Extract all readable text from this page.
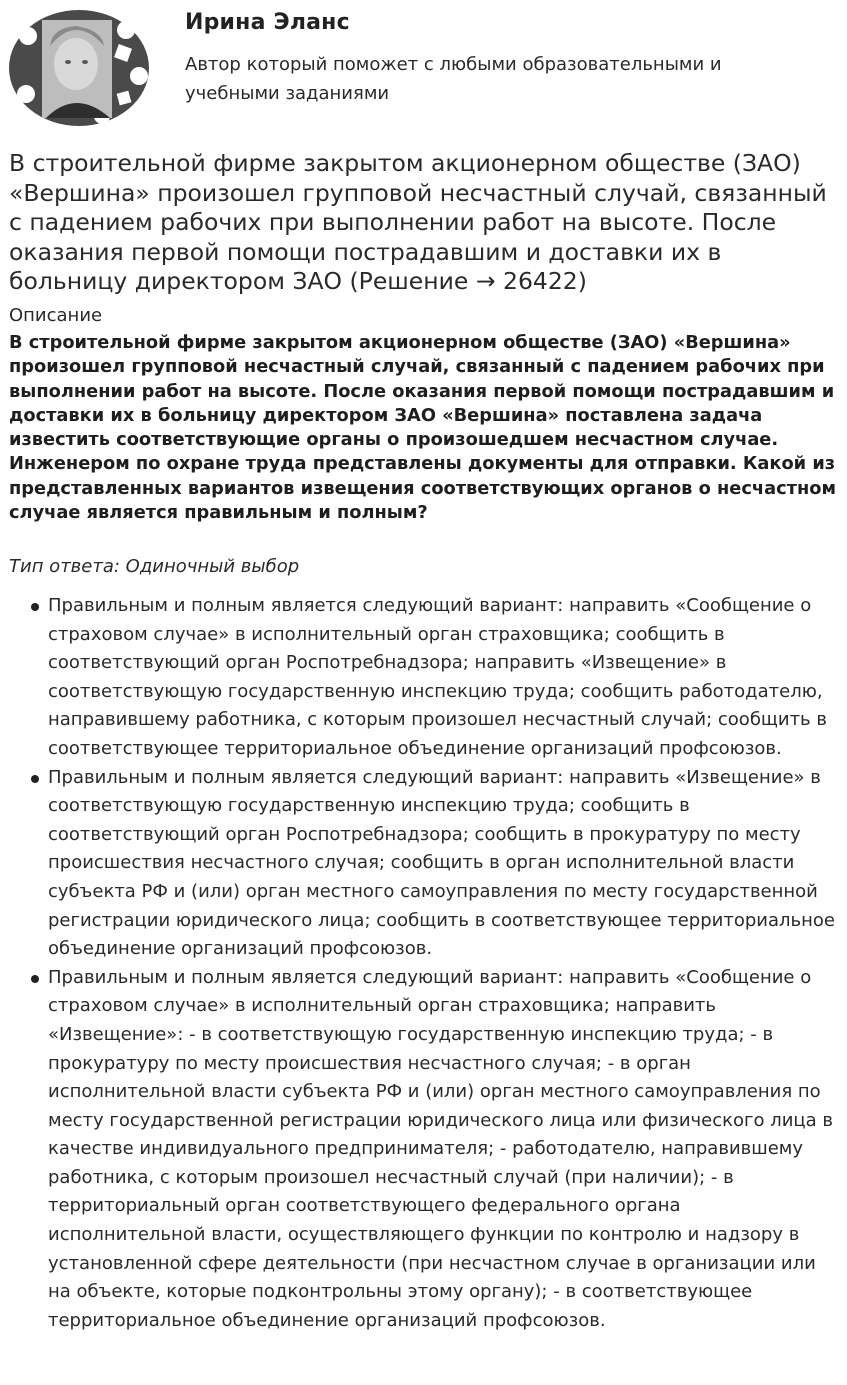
Ирина Эланс
Автор который поможет с любыми образовательными и учебными заданиями
В строительной фирме закрытом акционерном обществе (ЗАО) «Вершина» произошел групповой несчастный случай, связанный с падением рабочих при выполнении работ на высоте. После оказания первой помощи пострадавшим и доставки их в больницу директором ЗАО (Решение → 26422)
Описание
В строительной фирме закрытом акционерном обществе (ЗАО) «Вершина» произошел групповой несчастный случай, связанный с падением рабочих при выполнении работ на высоте. После оказания первой помощи пострадавшим и доставки их в больницу директором ЗАО «Вершина» поставлена задача известить соответствующие органы о произошедшем несчастном случае. Инженером по охране труда представлены документы для отправки. Какой из представленных вариантов извещения соответствующих органов о несчастном случае является правильным и полным?
Тип ответа: Одиночный выбор
Правильным и полным является следующий вариант: направить «Сообщение о страховом случае» в исполнительный орган страховщика; сообщить в соответствующий орган Роспотребнадзора; направить «Извещение» в соответствующую государственную инспекцию труда; сообщить работодателю, направившему работника, с которым произошел несчастный случай; сообщить в соответствующее территориальное объединение организаций профсоюзов.
Правильным и полным является следующий вариант: направить «Извещение» в соответствующую государственную инспекцию труда; сообщить в соответствующий орган Роспотребнадзора; сообщить в прокуратуру по месту происшествия несчастного случая; сообщить в орган исполнительной власти субъекта РФ и (или) орган местного самоуправления по месту государственной регистрации юридического лица; сообщить в соответствующее территориальное объединение организаций профсоюзов.
Правильным и полным является следующий вариант: направить «Сообщение о страховом случае» в исполнительный орган страховщика; направить «Извещение»: - в соответствующую государственную инспекцию труда; - в прокуратуру по месту происшествия несчастного случая; - в орган исполнительной власти субъекта РФ и (или) орган местного самоуправления по месту государственной регистрации юридического лица или физического лица в качестве индивидуального предпринимателя; - работодателю, направившему работника, с которым произошел несчастный случай (при наличии); - в территориальный орган соответствующего федерального органа исполнительной власти, осуществляющего функции по контролю и надзору в установленной сфере деятельности (при несчастном случае в организации или на объекте, которые подконтрольны этому органу); - в соответствующее территориальное объединение организаций профсоюзов.
